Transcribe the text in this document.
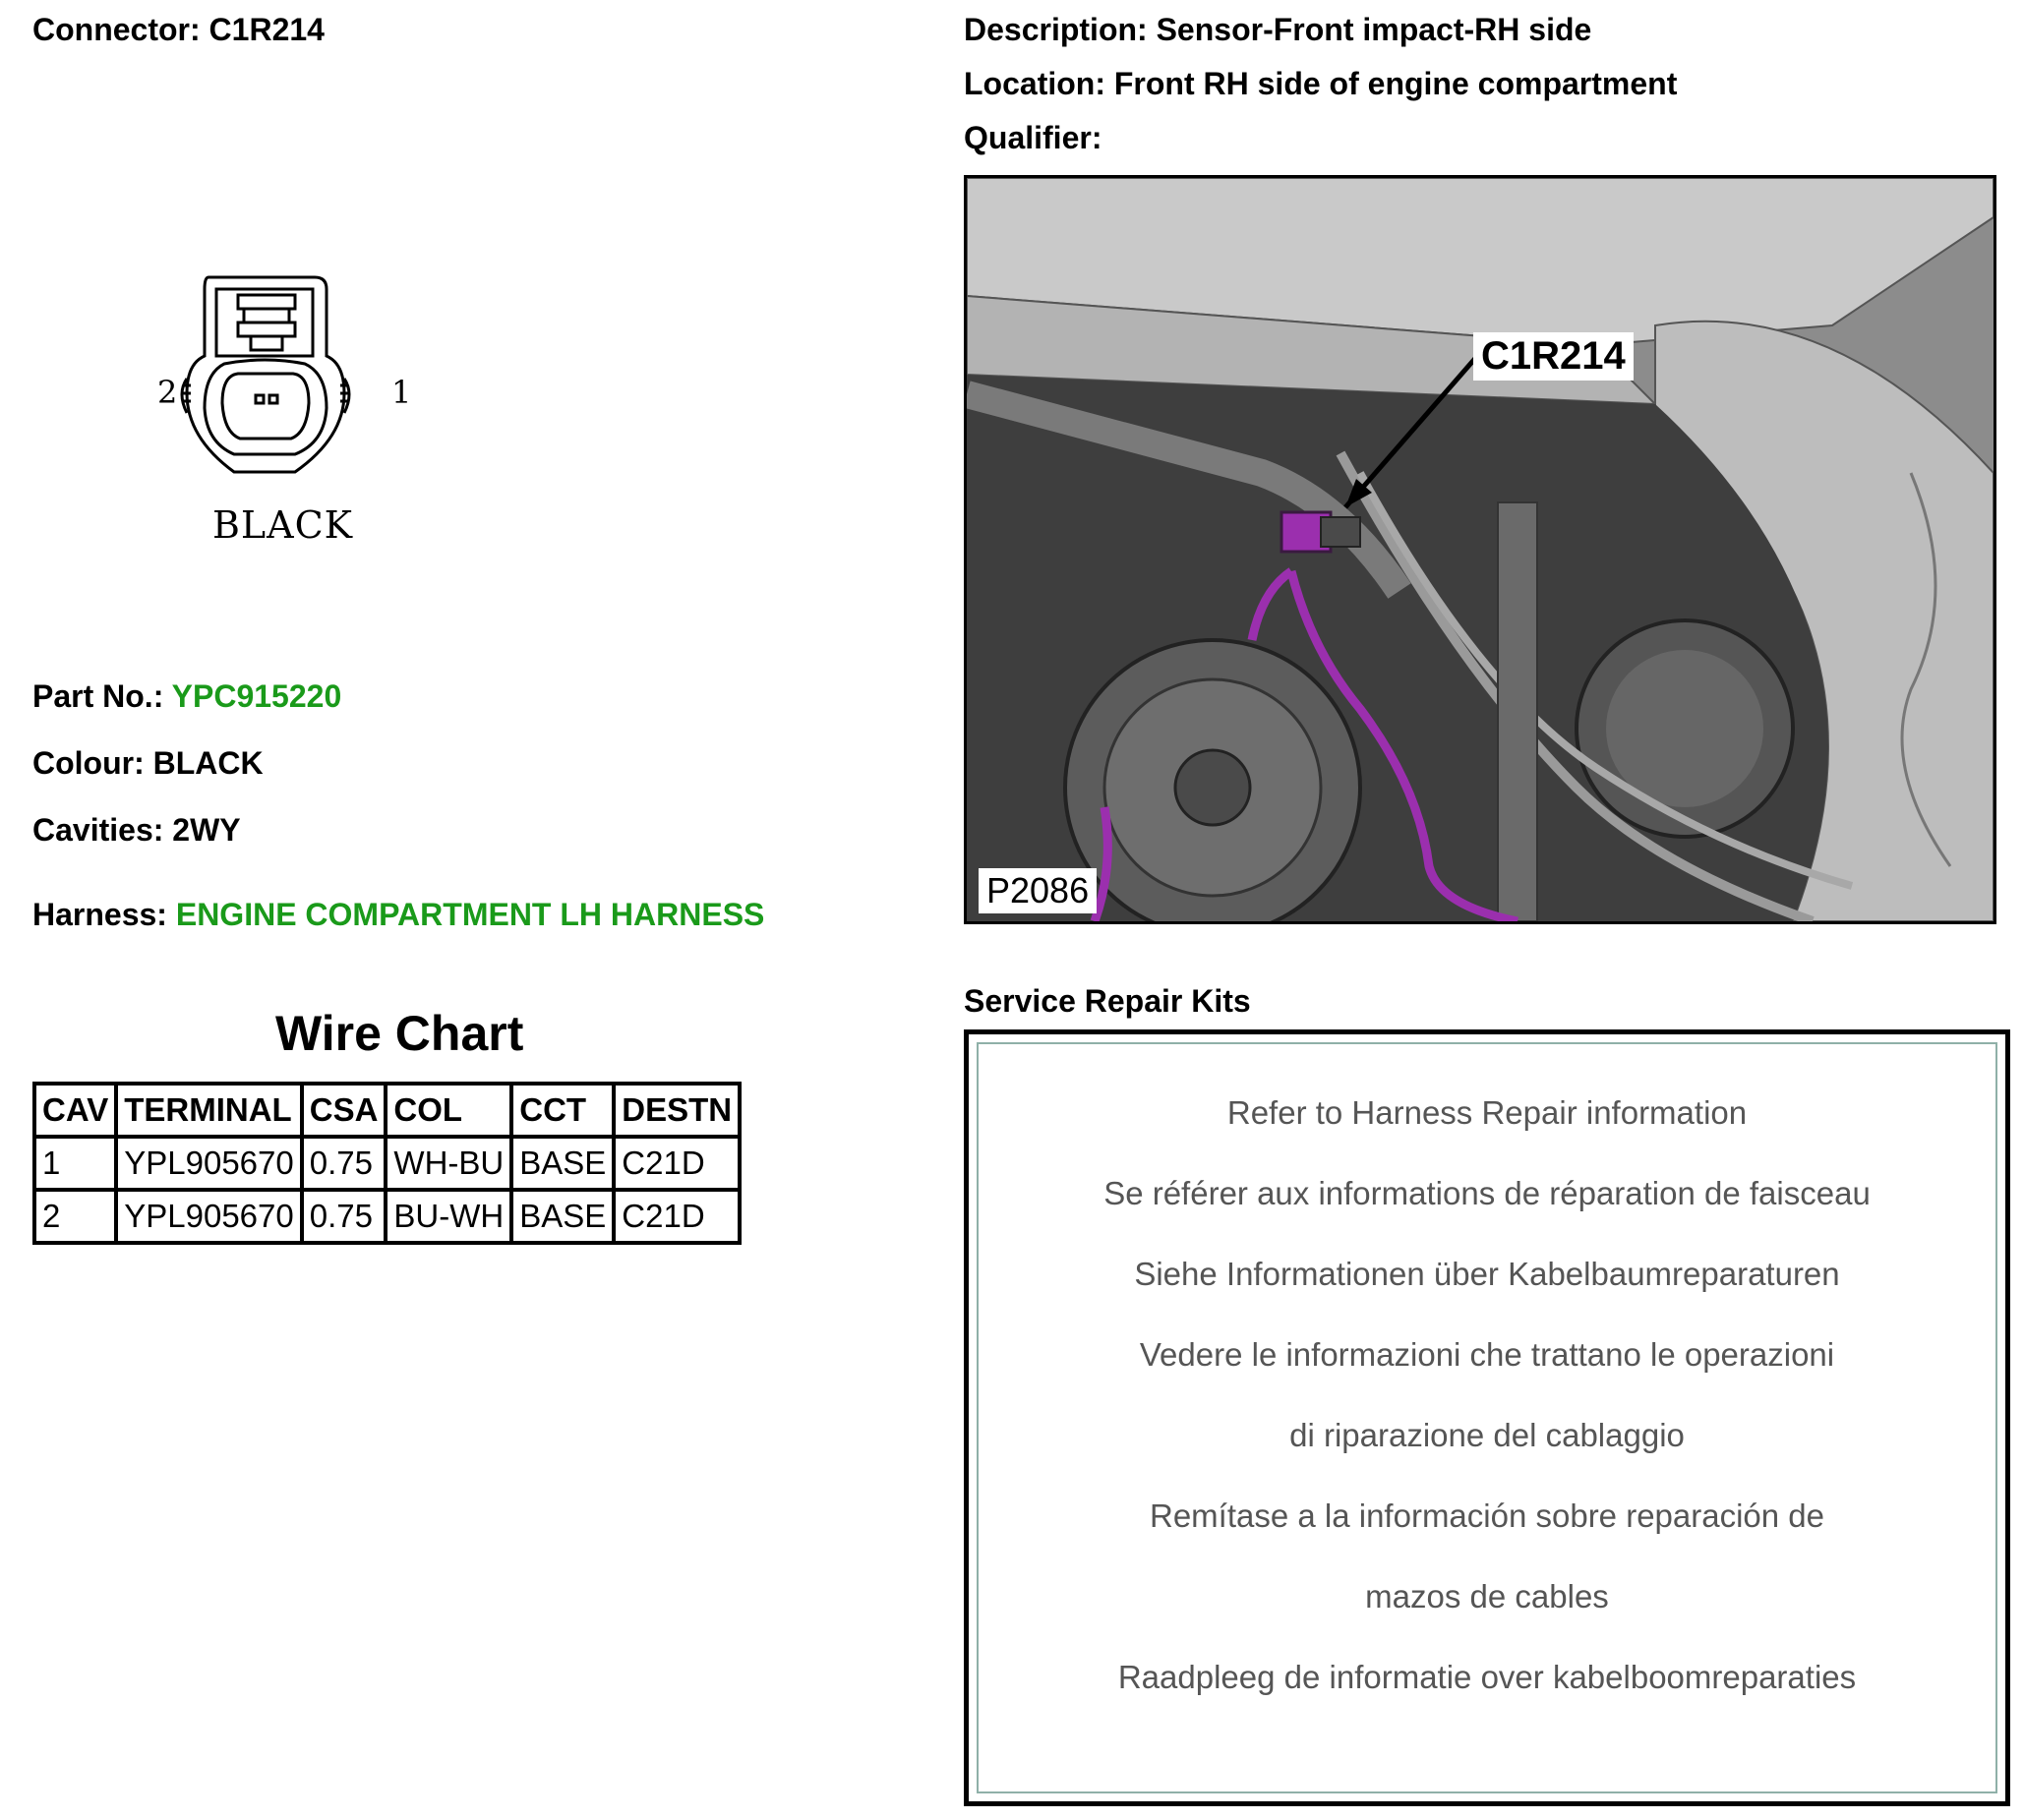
Connector: C1R214
2	1
BLACK
Part No.: YPC915220
Colour: BLACK
Cavities: 2WY
Harness: ENGINE COMPARTMENT LH HARNESS
Wire Chart
CAV	TERMINAL	CSA	COL	CCT	DESTN
1	YPL905670	0.75	WH-BU	BASE	C21D
2	YPL905670	0.75	BU-WH	BASE	C21D
Description: Sensor-Front impact-RH side
Location: Front RH side of engine compartment
Qualifier:
C1R214
P2086
Service Repair Kits
Refer to Harness Repair information
Se référer aux informations de réparation de faisceau
Siehe Informationen über Kabelbaumreparaturen
Vedere le informazioni che trattano le operazioni
di riparazione del cablaggio
Remítase a la información sobre reparación de
mazos de cables
Raadpleeg de informatie over kabelboomreparaties
